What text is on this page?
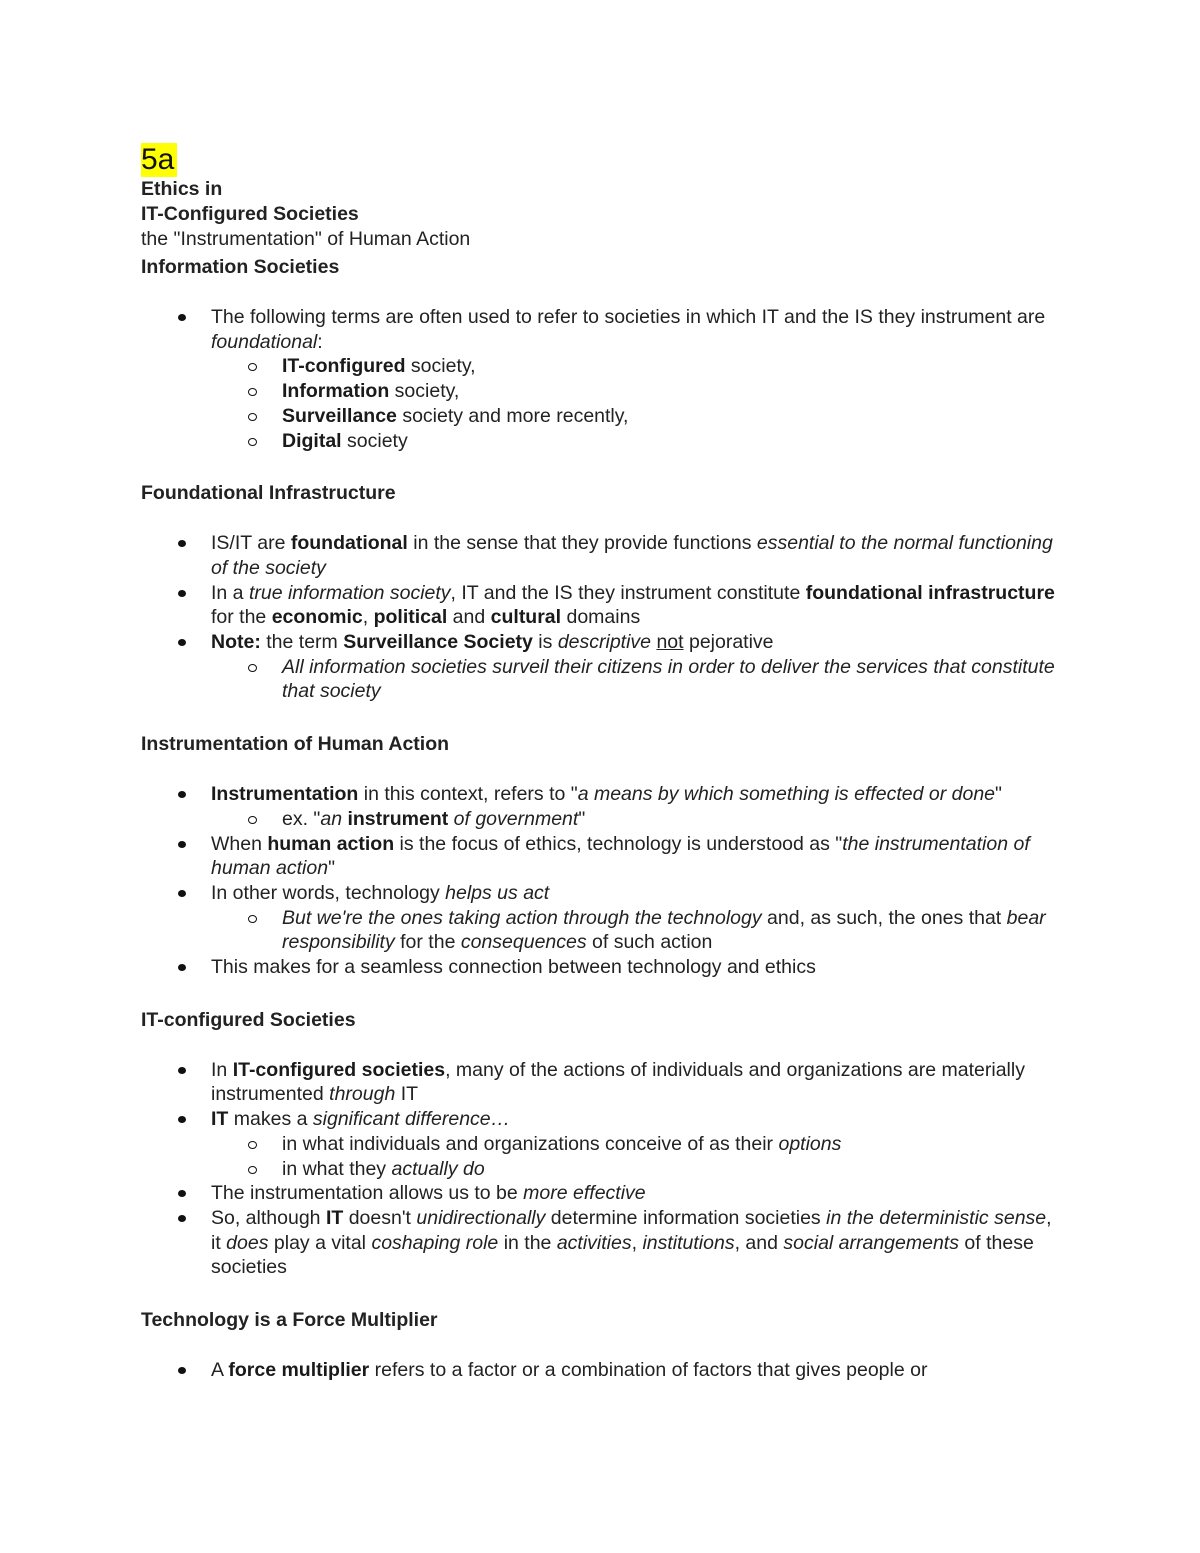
5a
Ethics in
IT-Configured Societies
the "Instrumentation" of Human Action
Information Societies
The following terms are often used to refer to societies in which IT and the IS they instrument are foundational:
IT-configured society,
Information society,
Surveillance society and more recently,
Digital society
Foundational Infrastructure
IS/IT are foundational in the sense that they provide functions essential to the normal functioning of the society
In a true information society, IT and the IS they instrument constitute foundational infrastructure for the economic, political and cultural domains
Note: the term Surveillance Society is descriptive not pejorative
All information societies surveil their citizens in order to deliver the services that constitute that society
Instrumentation of Human Action
Instrumentation in this context, refers to "a means by which something is effected or done"
ex. "an instrument of government"
When human action is the focus of ethics, technology is understood as "the instrumentation of human action"
In other words, technology helps us act
But we're the ones taking action through the technology and, as such, the ones that bear responsibility for the consequences of such action
This makes for a seamless connection between technology and ethics
IT-configured Societies
In IT-configured societies, many of the actions of individuals and organizations are materially instrumented through IT
IT makes a significant difference…
in what individuals and organizations conceive of as their options
in what they actually do
The instrumentation allows us to be more effective
So, although IT doesn't unidirectionally determine information societies in the deterministic sense, it does play a vital coshaping role in the activities, institutions, and social arrangements of these societies
Technology is a Force Multiplier
A force multiplier refers to a factor or a combination of factors that gives people or
